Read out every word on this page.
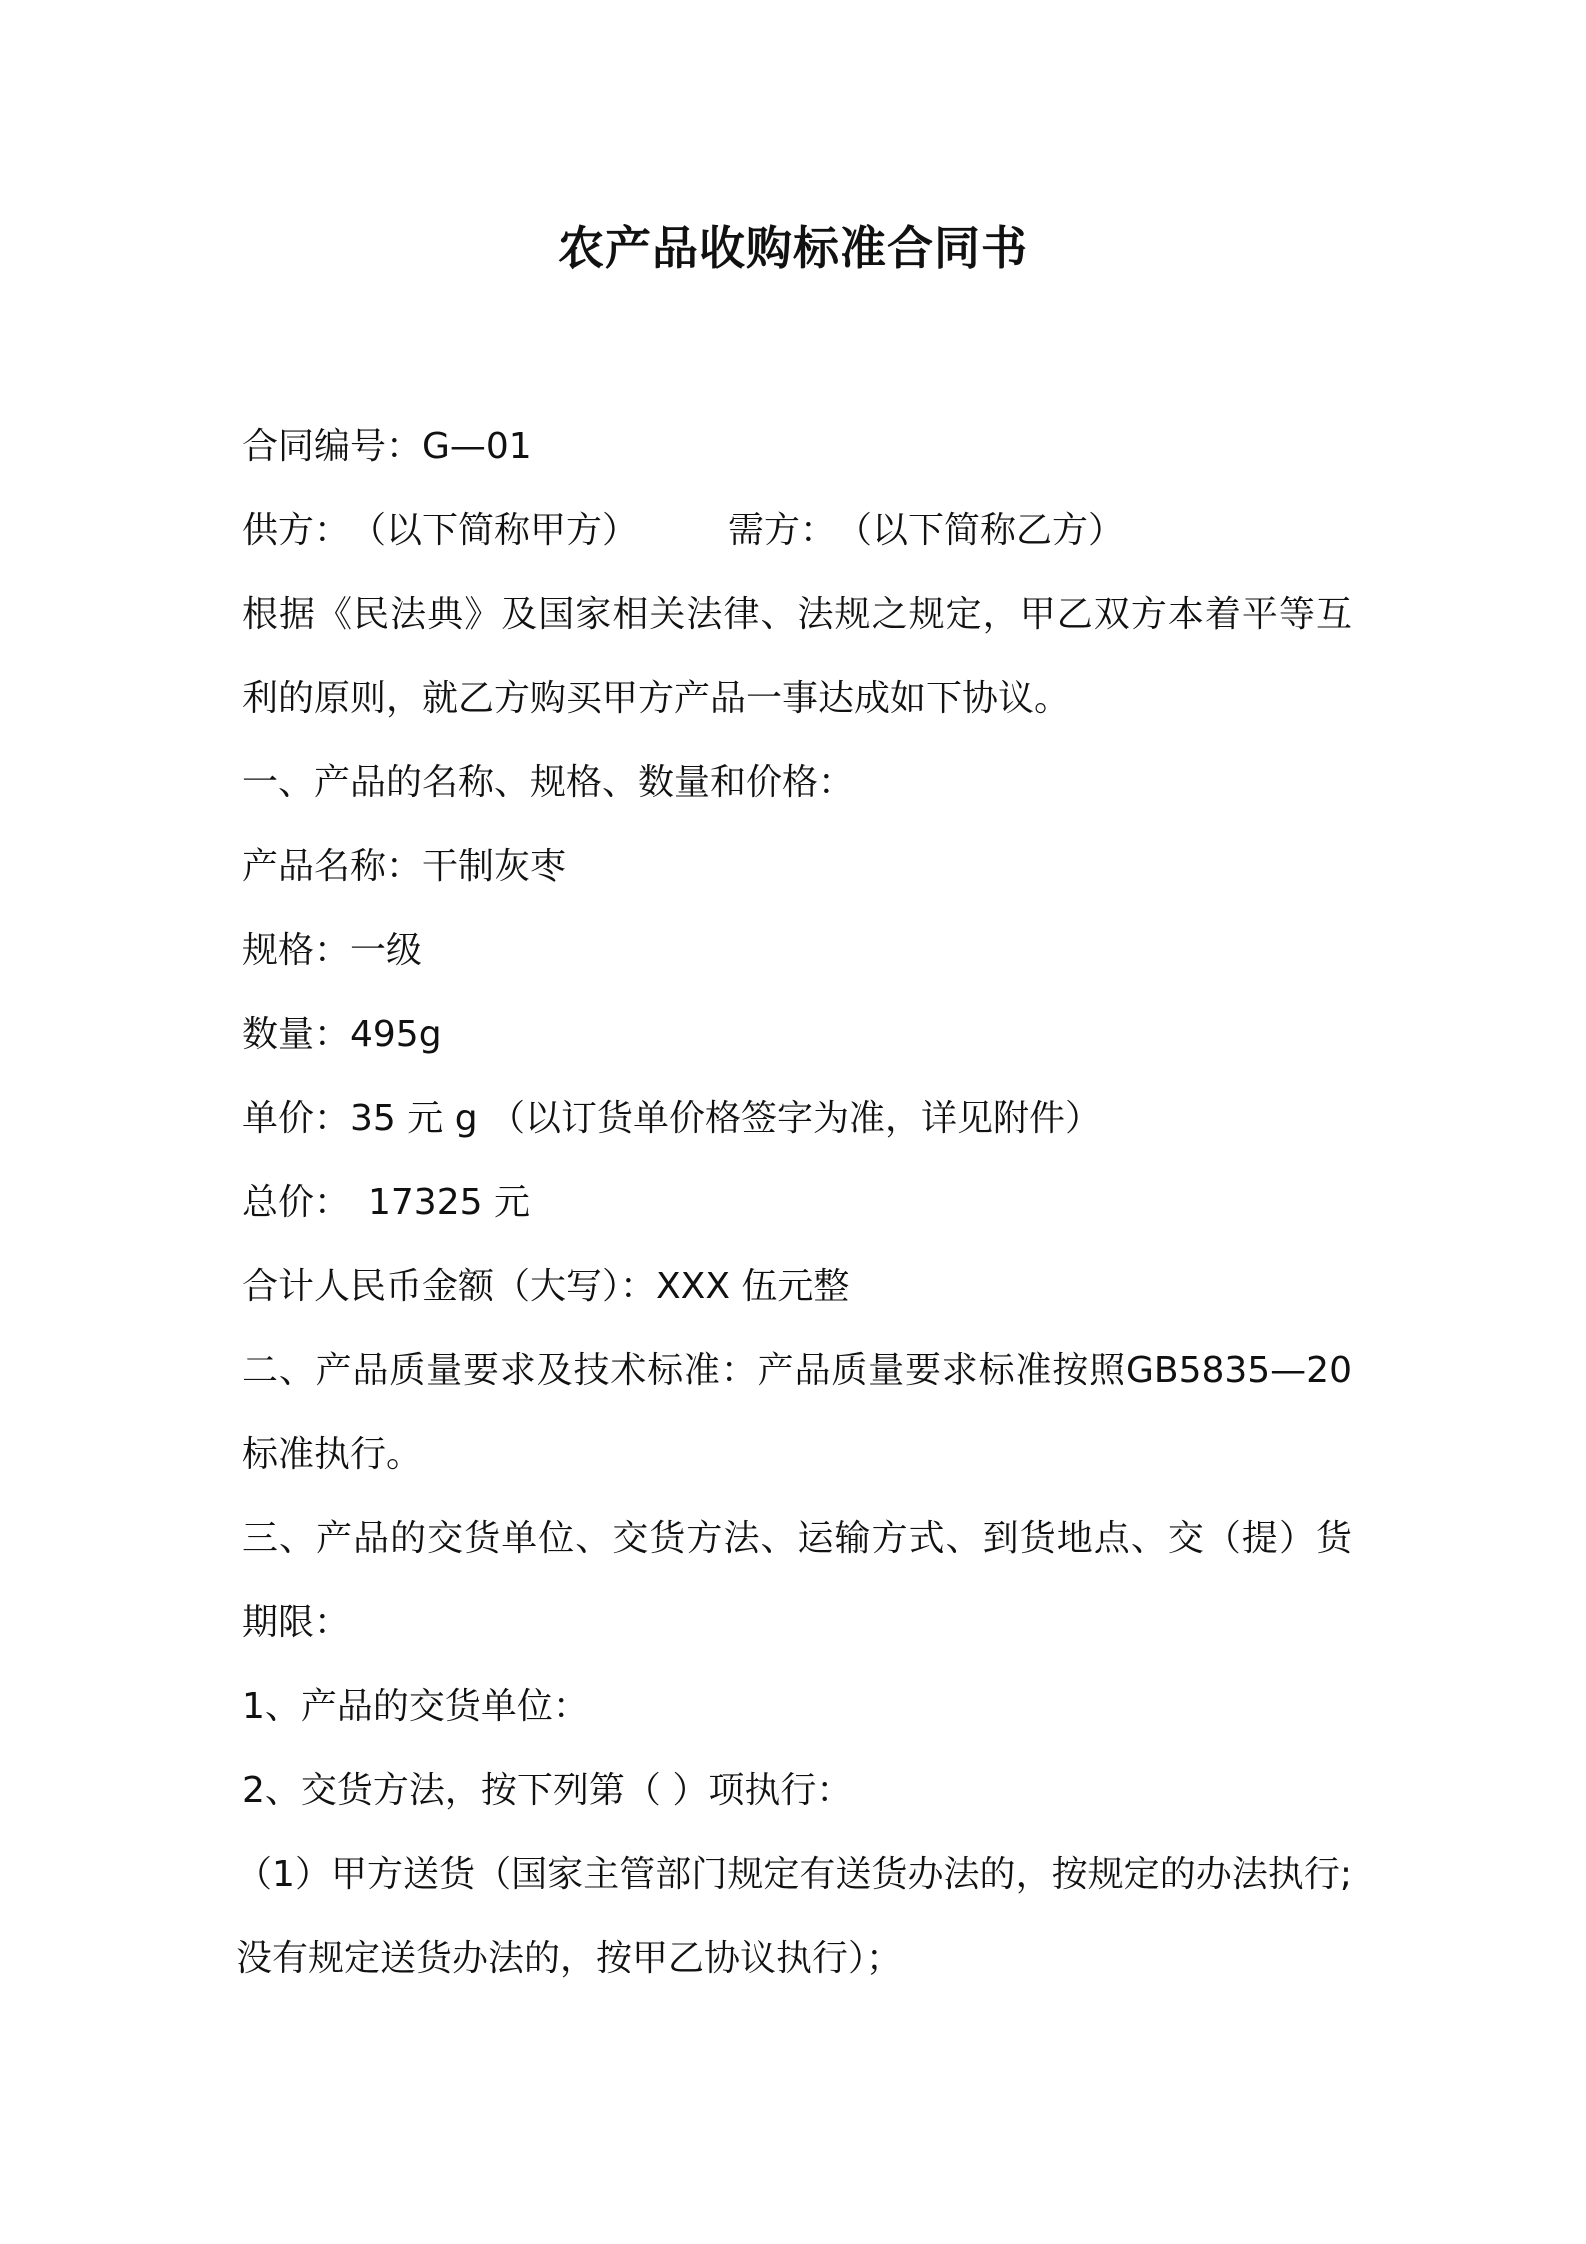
农产品收购标准合同书
合同编号：G—01
供方：　（以下简称甲方）	需方：　（以下简称乙方）
根据《民法典》及国家相关法律、法规之规定，甲乙双方本着平等互利的原则，就乙方购买甲方产品一事达成如下协议。
一、产品的名称、规格、数量和价格：
产品名称：干制灰枣
规格：一级
数量：495g
单价：35 元 g （以订货单价格签字为准，详见附件）
总价：　17325 元
合计人民币金额（大写）：XXX 伍元整
二、产品质量要求及技术标准：产品质量要求标准按照GB5835—20标准执行。
三、产品的交货单位、交货方法、运输方式、到货地点、交（提）货期限：
1、产品的交货单位：
2、交货方法，按下列第（ ）项执行：
（1）甲方送货（国家主管部门规定有送货办法的，按规定的办法执行;没有规定送货办法的，按甲乙协议执行）；
